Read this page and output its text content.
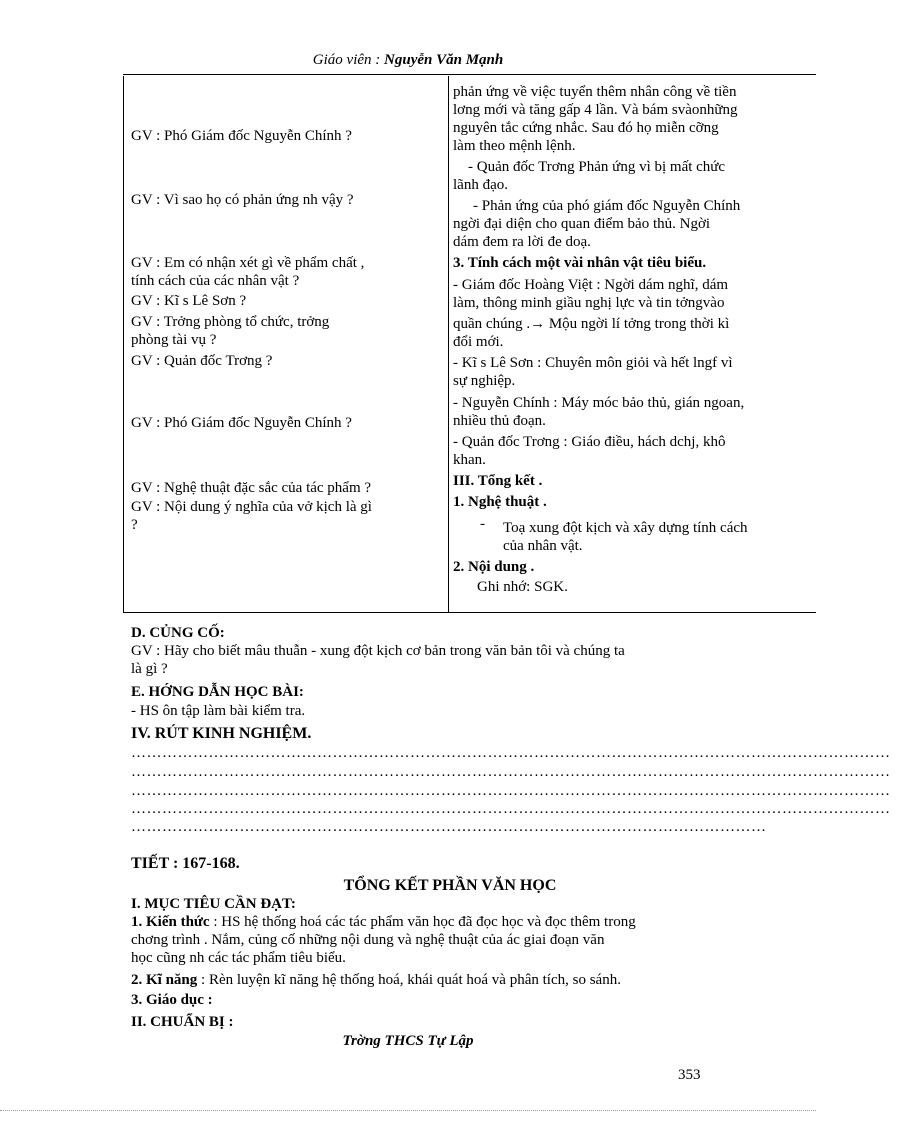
Giáo viên : Nguyễn Văn Mạnh
GV : Phó Giám đốc Nguyễn Chính ?
GV : Vì sao họ có phản ứng nh vậy ?
GV : Em có nhận xét gì về phẩm chất ,
tính cách của các nhân vật ?
GV : Kĩ s Lê Sơn ?
GV : Trởng phòng tổ chức, trởng
phòng tài vụ ?
GV : Quản đốc Trơng ?
GV : Phó Giám đốc Nguyễn Chính ?
GV : Nghệ thuật đặc sắc của tác phẩm ?
GV : Nội dung ý nghĩa của vở kịch là gì
?
phản ứng về việc tuyển thêm nhân công về tiền
lơng mới và tăng gấp 4 lần. Và bám svàonhững
nguyên tắc cứng nhắc. Sau đó họ miễn cỡng
làm theo mệnh lệnh.
- Quản đốc Trơng Phản ứng vì bị mất chức
lãnh đạo.
- Phản ứng của phó giám đốc Nguyễn Chính
ngời đại diện cho quan điểm bảo thủ. Ngời
dám đem ra lời đe doạ.
3. Tính cách một vài nhân vật tiêu biểu.
- Giám đốc Hoàng Việt : Ngời dám nghĩ, dám
làm, thông minh giầu nghị lực và tin tởngvào
quần chúng .→ Mộu ngời lí tởng trong thời kì
đổi mới.
- Kĩ s Lê Sơn : Chuyên môn giỏi và hết lngf vì
sự nghiệp.
- Nguyễn Chính : Máy móc bảo thủ, gián ngoan,
nhiều thủ đoạn.
- Quản đốc Trơng : Giáo điều, hách dchj, khô
khan.
III. Tổng kết .
1. Nghệ thuật .
-	Toạ xung đột kịch và xây dựng tính cách
của nhân vật.
2. Nội dung .
Ghi nhớ: SGK.
D. CỦNG CỐ:
GV : Hãy cho biết mâu thuẫn - xung đột kịch cơ bản trong văn bản tôi và chúng ta
là gì ?
E. HỚNG DẪN HỌC BÀI:
- HS ôn tập làm bài kiểm tra.
IV. RÚT KINH NGHIỆM.
…………………………………………………………………………………………………………………………………
…………………………………………………………………………………………………………………………………
…………………………………………………………………………………………………………………………………
…………………………………………………………………………………………………………………………………
……………………………………………………………………………………………………………
TIẾT : 167-168.
TỔNG KẾT PHẦN VĂN HỌC
I. MỤC TIÊU CẦN ĐẠT:
1. Kiến thức : HS hệ thống hoá các tác phẩm văn học đã đọc học và đọc thêm trong
chơng trình . Nắm, củng cố những nội dung và nghệ thuật của ác giai đoạn văn
học cũng nh các tác phẩm tiêu biểu.
2. Kĩ năng : Rèn luyện kĩ năng hệ thống hoá, khái quát hoá và phân tích, so sánh.
3. Giáo dục :
II. CHUẨN BỊ :
Trờng THCS Tự Lập
353
